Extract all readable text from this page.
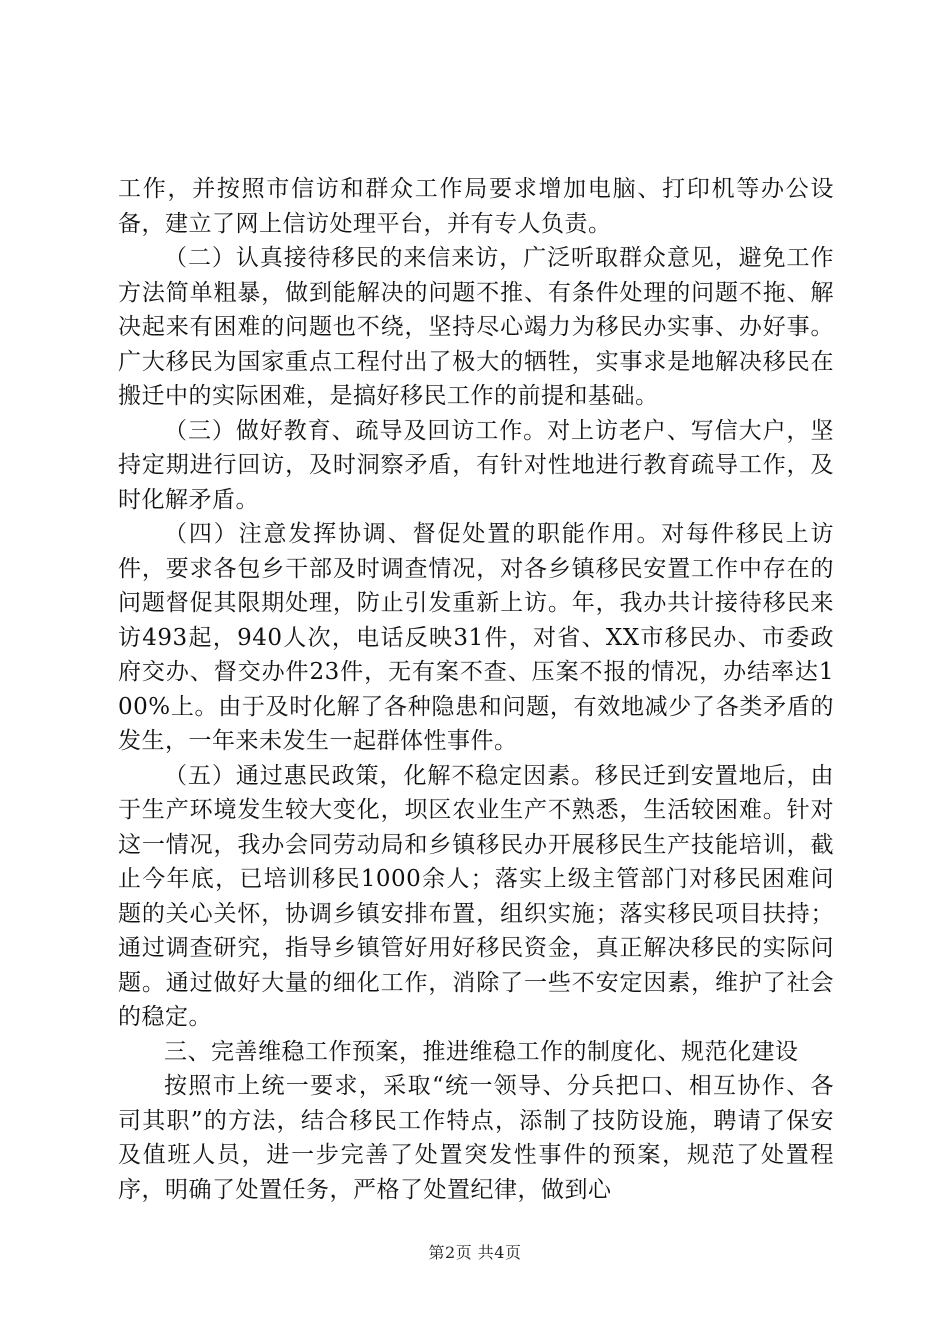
工作，并按照市信访和群众工作局要求增加电脑、打印机等办公设备，建立了网上信访处理平台，并有专人负责。

（二）认真接待移民的来信来访，广泛听取群众意见，避免工作方法简单粗暴，做到能解决的问题不推、有条件处理的问题不拖、解决起来有困难的问题也不绕，坚持尽心竭力为移民办实事、办好事。广大移民为国家重点工程付出了极大的牺牲，实事求是地解决移民在搬迁中的实际困难，是搞好移民工作的前提和基础。

（三）做好教育、疏导及回访工作。对上访老户、写信大户，坚持定期进行回访，及时洞察矛盾，有针对性地进行教育疏导工作，及时化解矛盾。

（四）注意发挥协调、督促处置的职能作用。对每件移民上访件，要求各包乡干部及时调查情况，对各乡镇移民安置工作中存在的问题督促其限期处理，防止引发重新上访。年，我办共计接待移民来访493起，940人次，电话反映31件，对省、XX市移民办、市委政府交办、督交办件23件，无有案不查、压案不报的情况，办结率达100%上。由于及时化解了各种隐患和问题，有效地减少了各类矛盾的发生，一年来未发生一起群体性事件。

（五）通过惠民政策，化解不稳定因素。移民迁到安置地后，由于生产环境发生较大变化，坝区农业生产不熟悉，生活较困难。针对这一情况，我办会同劳动局和乡镇移民办开展移民生产技能培训，截止今年底，已培训移民1000余人；落实上级主管部门对移民困难问题的关心关怀，协调乡镇安排布置，组织实施；落实移民项目扶持；通过调查研究，指导乡镇管好用好移民资金，真正解决移民的实际问题。通过做好大量的细化工作，消除了一些不安定因素，维护了社会的稳定。

三、完善维稳工作预案，推进维稳工作的制度化、规范化建设

按照市上统一要求，采取“统一领导、分兵把口、相互协作、各司其职”的方法，结合移民工作特点，添制了技防设施，聘请了保安及值班人员，进一步完善了处置突发性事件的预案，规范了处置程序，明确了处置任务，严格了处置纪律，做到心

第2页 共4页
